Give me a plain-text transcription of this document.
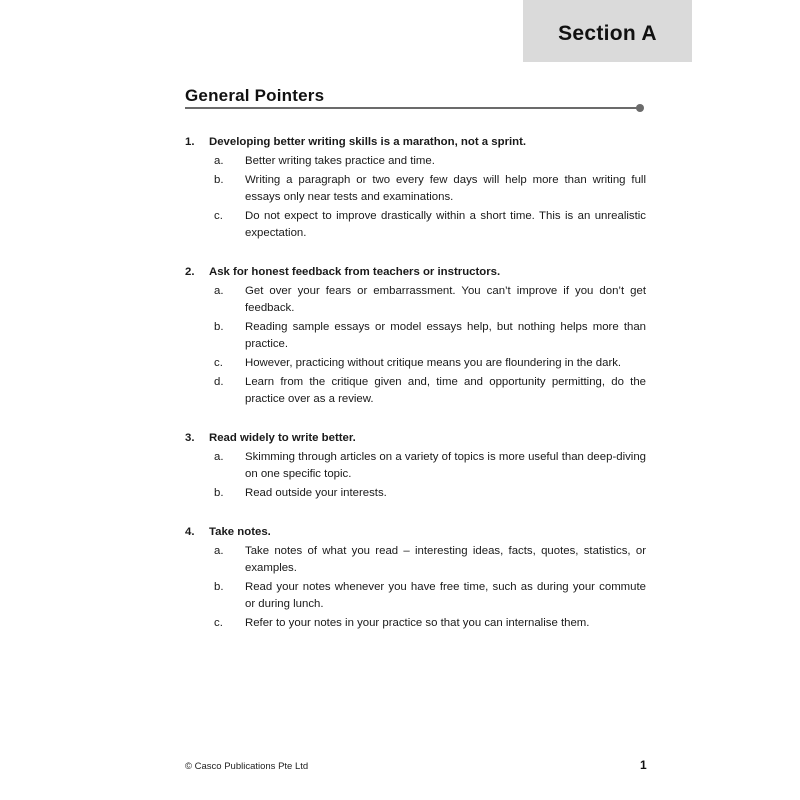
Section A
General Pointers
1.	Developing better writing skills is a marathon, not a sprint.
a.	Better writing takes practice and time.
b.	Writing a paragraph or two every few days will help more than writing full essays only near tests and examinations.
c.	Do not expect to improve drastically within a short time. This is an unrealistic expectation.
2.	Ask for honest feedback from teachers or instructors.
a.	Get over your fears or embarrassment. You can’t improve if you don’t get feedback.
b.	Reading sample essays or model essays help, but nothing helps more than practice.
c.	However, practicing without critique means you are floundering in the dark.
d.	Learn from the critique given and, time and opportunity permitting, do the practice over as a review.
3.	Read widely to write better.
a.	Skimming through articles on a variety of topics is more useful than deep-diving on one specific topic.
b.	Read outside your interests.
4.	Take notes.
a.	Take notes of what you read – interesting ideas, facts, quotes, statistics, or examples.
b.	Read your notes whenever you have free time, such as during your commute or during lunch.
c.	Refer to your notes in your practice so that you can internalise them.
© Casco Publications Pte Ltd	1
